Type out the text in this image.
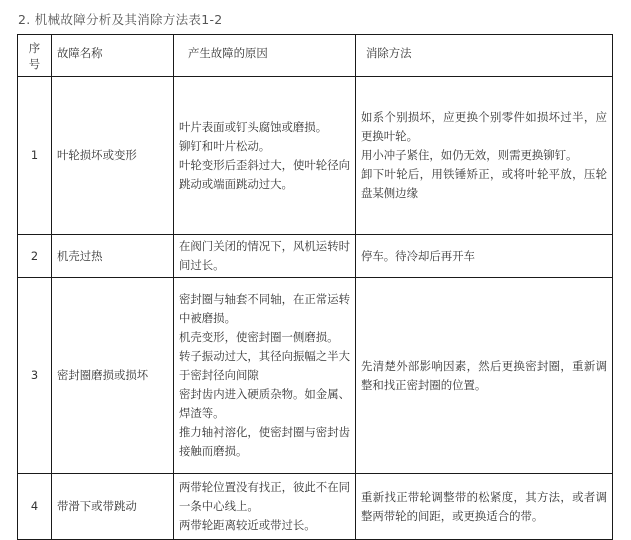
2. 机械故障分析及其消除方法表1-2
序
号	故障名称	产生故障的原因	消除方法
1	叶轮损坏或变形	叶片表面或钉头腐蚀或磨损。
铆钉和叶片松动。
叶轮变形后歪斜过大，使叶轮径向跳动或端面跳动过大。	如系个别损坏，应更换个别零件如损坏过半，应更换叶轮。
用小冲子紧住，如仍无效，则需更换铆钉。
卸下叶轮后，用铁锤矫正，或将叶轮平放，压轮盘某侧边缘

2	机壳过热	在阀门关闭的情况下，风机运转时间过长。	停车。待冷却后再开车

3	密封圈磨损或损坏	密封圈与轴套不同轴，在正常运转中被磨损。
机壳变形，使密封圈一侧磨损。
转子振动过大，其径向振幅之半大于密封径向间隙
密封齿内进入硬质杂物。如金属、焊渣等。
推力轴衬溶化，使密封圈与密封齿接触而磨损。	先清楚外部影响因素，然后更换密封圈，重新调整和找正密封圈的位置。

4	带滑下或带跳动	两带轮位置没有找正，彼此不在同一条中心线上。
两带轮距离较近或带过长。	重新找正带轮调整带的松紧度，其方法，或者调整两带轮的间距，或更换适合的带。
